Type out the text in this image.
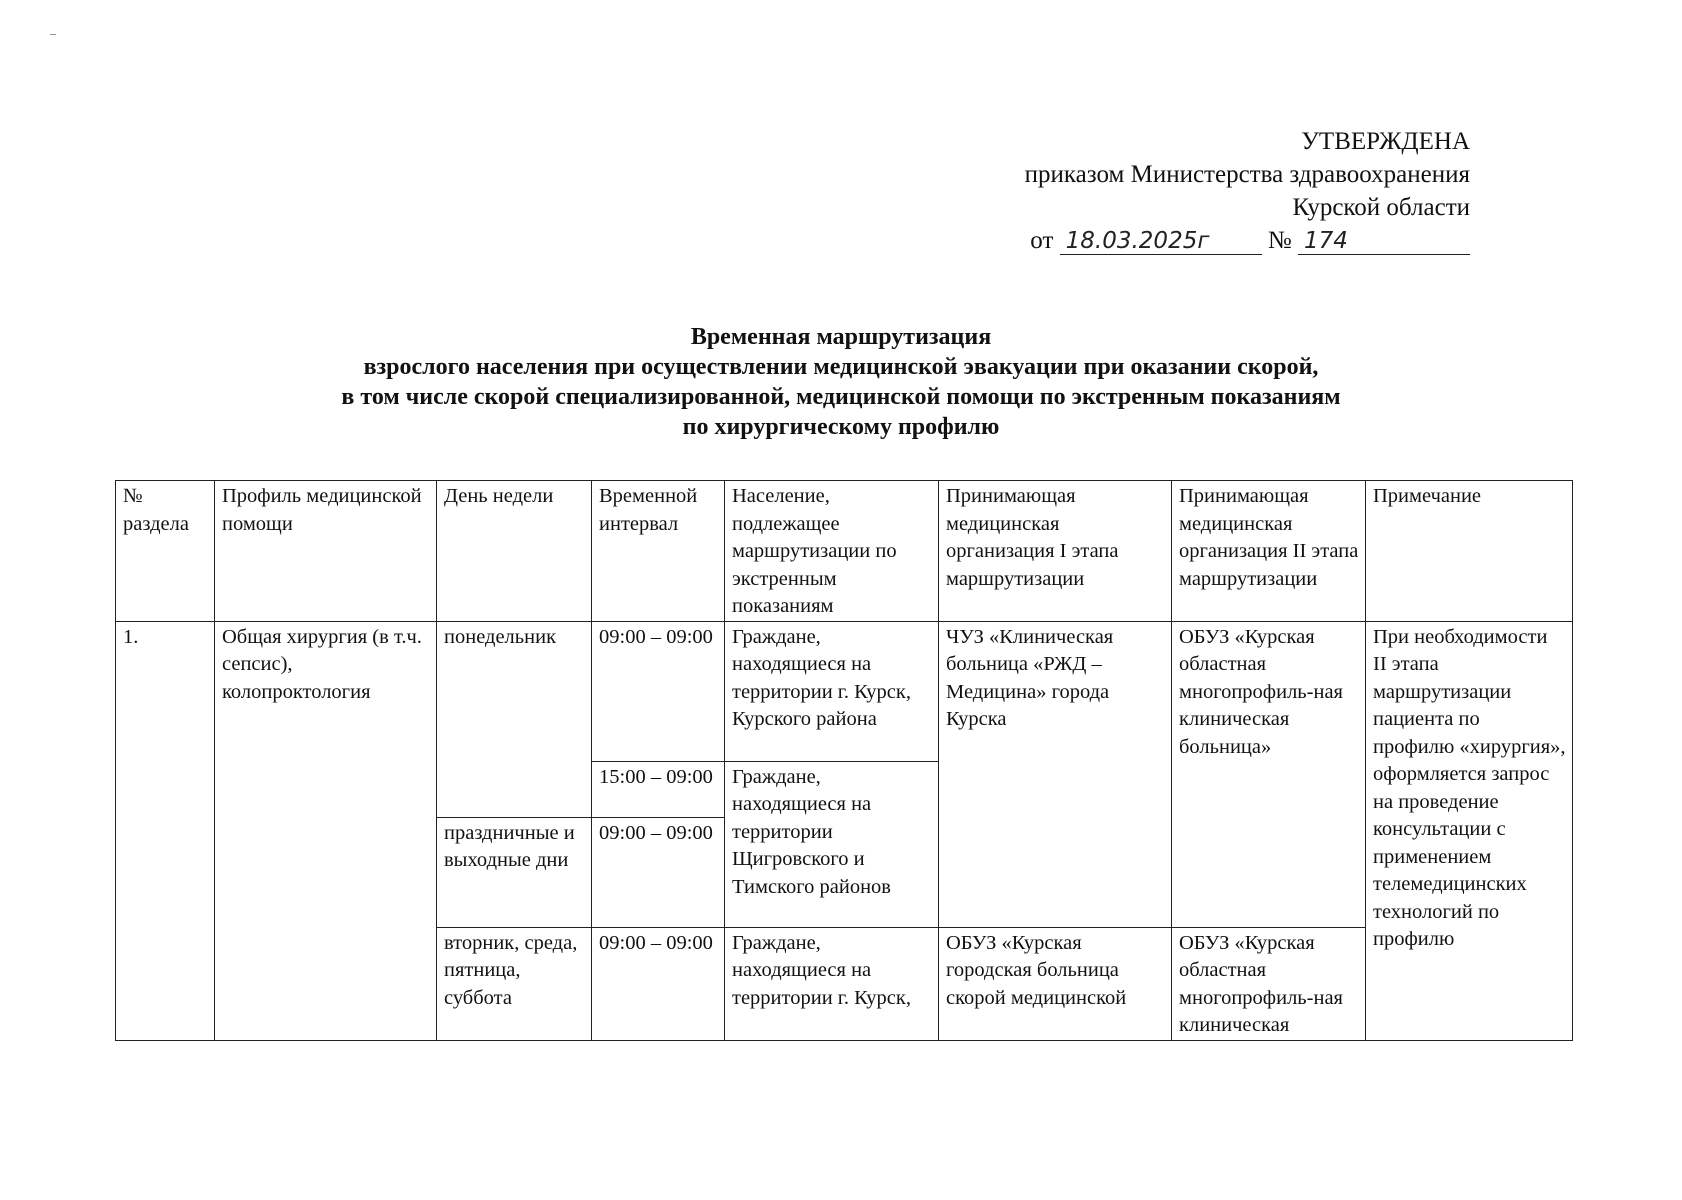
УТВЕРЖДЕНА
приказом Министерства здравоохранения
Курской области
от 18.03.2025г № 174
Временная маршрутизация
взрослого населения при осуществлении медицинской эвакуации при оказании скорой,
в том числе скорой специализированной, медицинской помощи по экстренным показаниям
по хирургическому профилю
№ раздела	Профиль медицинской помощи	День недели	Временной интервал	Население, подлежащее маршрутизации по экстренным показаниям	Принимающая медицинская организация I этапа маршрутизации	Принимающая медицинская организация II этапа маршрутизации	Примечание
1.	Общая хирургия (в т.ч. сепсис), колопроктология	понедельник	09:00 – 09:00	Граждане, находящиеся на территории г. Курск, Курского района	ЧУЗ «Клиническая больница «РЖД – Медицина» города Курска	ОБУЗ «Курская областная многопрофиль-ная клиническая больница»	При необходимости II этапа маршрутизации пациента по профилю «хирургия», оформляется запрос на проведение консультации с применением телемедицинских технологий по профилю
			15:00 – 09:00	Граждане, находящиеся на территории Щигровского и Тимского районов			
		праздничные и выходные дни	09:00 – 09:00				
		вторник, среда, пятница, суббота	09:00 – 09:00	Граждане, находящиеся на территории г. Курск,	ОБУЗ «Курская городская больница скорой медицинской	ОБУЗ «Курская областная многопрофиль-ная клиническая	
